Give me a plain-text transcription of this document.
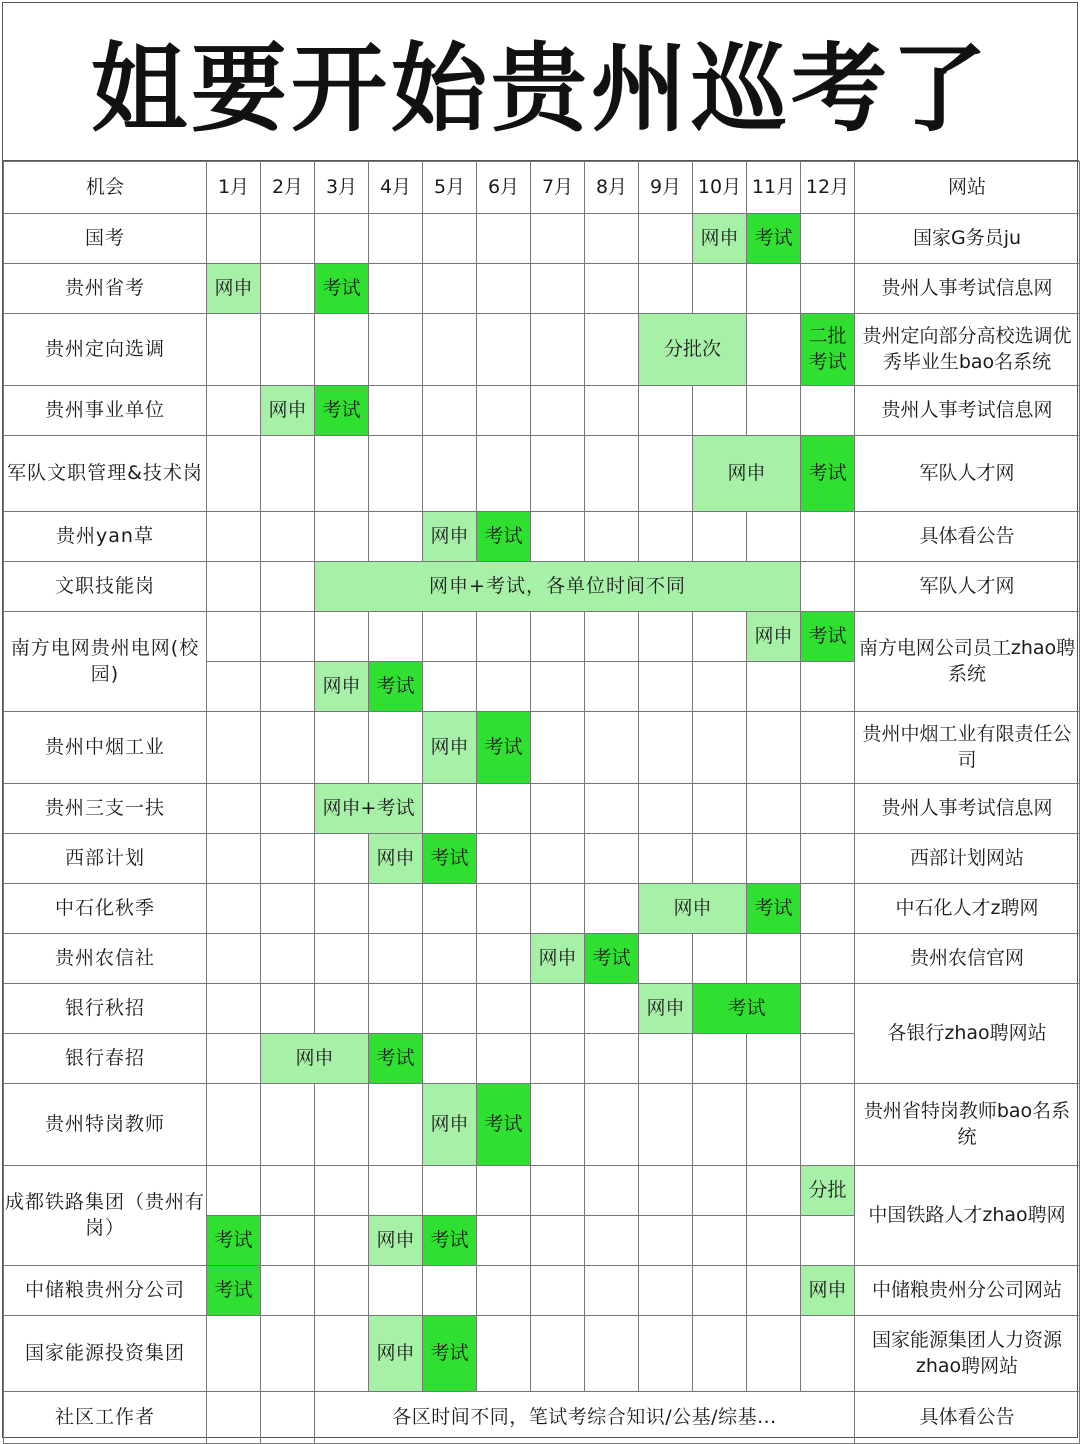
姐要开始贵州巡考了
机会	1月	2月	3月	4月	5月	6月	7月	8月	9月	10月	11月	12月	网站
国考										网申	考试		国家G务员ju
贵州省考	网申		考试										贵州人事考试信息网
贵州定向选调									分批次			二批考试	贵州定向部分高校选调优秀毕业生bao名系统
贵州事业单位		网申	考试										贵州人事考试信息网
军队文职管理&技术岗										网申		考试	军队人才网
贵州yan草					网申	考试							具体看公告
文职技能岗			网申+考试，各单位时间不同										军队人才网
南方电网贵州电网(校园)											网申	考试	南方电网公司员工zhao聘系统
			网申	考试									
贵州中烟工业					网申	考试							贵州中烟工业有限责任公司
贵州三支一扶			网申+考试										贵州人事考试信息网
西部计划				网申	考试								西部计划网站
中石化秋季									网申		考试		中石化人才z聘网
贵州农信社							网申	考试					贵州农信官网
银行秋招									网申	考试			各银行zhao聘网站
银行春招		网申		考试									
贵州特岗教师					网申	考试							贵州省特岗教师bao名系统
成都铁路集团（贵州有岗）												分批	中国铁路人才zhao聘网
	考试			网申	考试								
中储粮贵州分公司	考试											网申	中储粮贵州分公司网站
国家能源投资集团				网申	考试								国家能源集团人力资源zhao聘网站
社区工作者			各区时间不同，笔试考综合知识/公基/综基...										具体看公告
